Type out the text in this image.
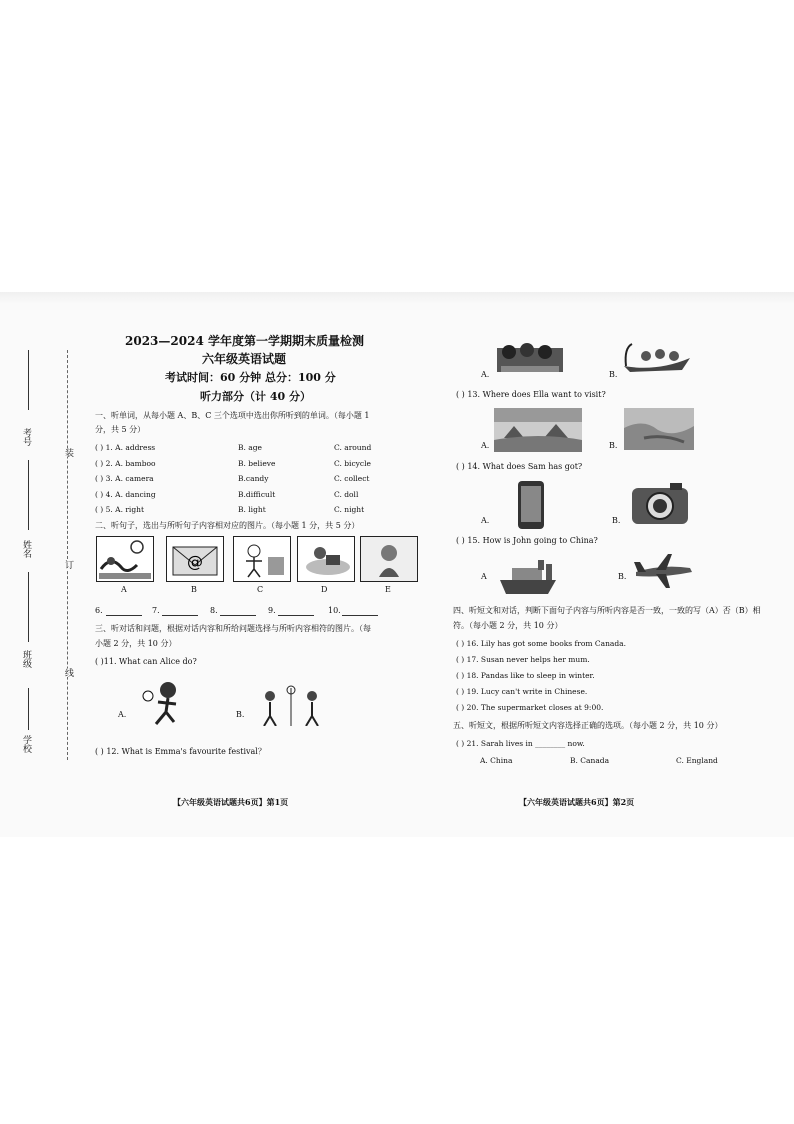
考号
姓名
班级
学校
装
订
线
2023—2024 学年度第一学期期末质量检测
六年级英语试题
考试时间：60 分钟 总分：100 分
听力部分（计 40 分）
一、听单词，从每小题 A、B、C 三个选项中选出你所听到的单词。（每小题 1 分，共 5 分）
( ) 1. A. address	B. age	C. around
( ) 2. A. bamboo	B. believe	C. bicycle
( ) 3. A. camera	B.candy	C. collect
( ) 4. A. dancing	B.difficult	C. doll
( ) 5. A. right	B. light	C. night
二、听句子，选出与所听句子内容相对应的图片。（每小题 1 分，共 5 分）
@
A	B	C	D	E
6.	7.	8.	9.	10.
三、听对话和问题，根据对话内容和所给问题选择与所听内容相符的图片。（每
小题 2 分，共 10 分）
( )11. What can Alice do?
A.	B.
( ) 12. What is Emma's favourite festival？
A.	B.
( ) 13. Where does Ella want to visit?
A.	B.
( ) 14. What does Sam has got?
A.	B.
( ) 15. How is John going to China?
A	B.
四、听短文和对话，判断下面句子内容与所听内容是否一致，一致的写（A）否（B）相
符。（每小题 2 分，共 10 分）
( ) 16. Lily has got some books from Canada.
( ) 17. Susan never helps her mum.
( ) 18. Pandas like to sleep in winter.
( ) 19. Lucy can't write in Chinese.
( ) 20. The supermarket closes at 9:00.
五、听短文，根据所听短文内容选择正确的选项。（每小题 2 分，共 10 分）
( ) 21. Sarah lives in ________ now.
A. China	B. Canada	C. England
【六年级英语试题共6页】第1页	【六年级英语试题共6页】第2页
